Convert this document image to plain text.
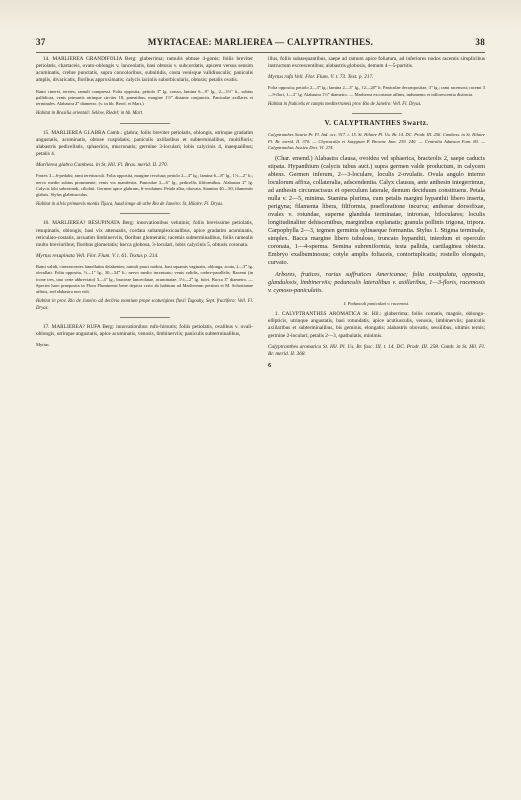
37	MYRTACEAE: MARLIEREA — CALYPTRANTHES.	38

14. MARLIEREA GRANDIFOLIA Berg: glaberrima; ramulis obtuse 4-gonis; foliis breviter petiolatis, chartaceis, ovato-oblongis v. lanceolatis, basi obtusis v. subcordatis, apicem versus sensim acuminatis, crebre punctatis, supra concoloribus, subnitidis, costa venisque validiusculis; paniculis amplis, divaricatis, floribus approximatis; calycis laciniis suborbicularis, obtusis; petalis ovatis.

Rami cinerei, teretes; ramuli compressi. Folia opposita, petiolo 3‴ lg. crasso, lamina 6—9″ lg., 2—3½″ lt., subtus pallidiora, venis primariis utrinque circiter 18, patentibus, margine 1½‴ distante conjunctis. Paniculae axillares et terminales. Alabastra 2‴ diametro. (v. in hb. Berol. et Mart.)

Habitat in Brasilia orientali: Sellow, Riedel; in hb. Mart.

15. MARLIEREA GLABRA Camb.: glabra; foliis breviter petiolatis, oblongis, utrinque gradatim angustatis, acuminatis, obtuse cuspidatis; paniculis axillaribus et subterminalibus, multifloris; alabastris pedicellatis, sphaericis, mucronatis; germine 3-loculari; lobis calycinis 4, inaequalibus; petalis 4.

Marlierea glabra Cambess. in St. Hil. Fl. Bras. merid. II. 270.

Frutex 3—6-pedalis; rami teretiusculi. Folia opposita, margine revoluta; petiolo 2—3‴ lg.; lamina 6—8″ lg., 1½—2″ lt.; nervo medio subtus prominente; venis vix manifestis. Paniculae 3—6″ lg., pedicellis filiformibus. Alabastra 2‴ lg. Calycis lobi subrotundi, ciliolati. Germen apice glabrum, 6-ovulatum. Petala alba, obovata. Stamina 40—50, filamentis glabris. Stylus glabriusculus.

Habitat in silvis primaevis montis Tijuca, haud longe ab urbe Rio de Janeiro: St. Hilaire. Fl. Dryas.

16. MARLIEREA? RESUPINATA Berg: innovationibus velutinis; foliis brevissime petiolatis, resupinatis, oblongis, basi vix attenuatis, cordata subamplexicaulibus, apice gradatim acuminatis, reticulato-costatis, arcuatim limbinerviis, floribus glomeratis; racemis subterminalibus, foliis ramealis multo brevioribus; floribus glomeratis; bacca globosa, 3-loculari, lobis calycinis 5, obtusis coronata.

Myrtus resupinata Vell. Flor. Flum. V. t. 61. Textus p. 214.

Rami validi, cinerascentes lamellatim delabentes; ramuli pauci nodosi, basi squamis vaginatis, oblonga, acuta, 2—3‴ lg. obvallati. Folia opposita, ½—1″ lg., 30—34‴ lt.; nervo medio incrassato; venis validis, crebre-parallelis. Racemi (in icone tres, uno certe abbreviato) 3—4″ lg., bracteae lanceolatae, acuminatae. 1½—2‴ lg. fulvi. Bacca 3‴ diametro. — Species haec praeposita in Flora Fluminensi bene depicta certo ab habitum ad Marlieream pertinet et M. Schottianae affinis, sed alabastra non vidi.

Habitat in prov. Rio de Janeiro ad declivia montium prope scaturigines fluvii Tagoahy, Sept. fructifera: Vell. Fl. Dryas.

17. MARLIEREA? RUFA Berg: innovationibus rufo-hirsutis; foliis petiolatis, ovalibus v. ovali-oblongis, utrinque angustatis, apice acuminatis, venosis, limbinerviis; paniculis subterminalibus,

Myrtac.

illus, foliis subaequantibus, saepe ad ramum apice foliatum, ad inferiores nodos racemis simplicibus instructum excrescentibus; alabastris globosis, demum 4—5-partitis.

Myrtus rufa Vell. Flor. Flum. V. t. 73. Text. p. 217.

Folia opposita; petiolo 2—3‴ lg.; lamina 2—3″ lg., 12—20‴ lt. Paniculae decompositae, 3″ lg.; rami racemosi; racemi 3—9-flori, 1—2″ lg. Alabastra 1½‴ diametro. — Marlierea excoriatae affinis, indumento et inflorescentia distincta.

Habitat in fruticetis et campis mediterraneis prov. Rio de Janeiro: Vell. Fl. Dryas.

V. CALYPTRANTHES Swartz.

Calyptranthes Swartz Pr. Fl. Ind. occ. 917. t. 15. St. Hilaire Pl. Us. Br. 14. DC. Prodr. III. 256. Cambess. in St. Hilaire Fl. Br. merid. II. 370. — Chytraculia et Suzygium P. Browne Jam. 239. 240. — Centralia Adanson Fam. 80. — Calyptranthus Jussieu Dict. VI. 274.

(Char. emend.) Alabastra clausa, ovoidea vel sphaerica, bracteolis 2, saepe caducis stipata. Hypanthium (calycis tubus auct.) supra germen valde productum, in calycem abiens. Germen inferum, 2—3-loculare, loculis 2-ovulatis. Ovula angulo interno loculorum affixa, collateralia, adscendentia. Calyx clausus, ante anthesin integerrimus, ad anthesin circumscissus et operculum laterale, demum deciduum constituens. Petala nulla v. 2—5, minima. Stamina plurima, cum petalis margini hypanthii libero inserta, perigyna; filamenta libera, filiformia, praefloratione incurva; antherae dorsofixae, ovales v. rotundae, superne glandula terminatae, introrsae, biloculares; loculis longitudinaliter dehiscentibus, marginibus explanatis; granula pollinis trigona, tripora. Carpophylla 2—3, tegmen germinis sylinaeque formantia. Stylus 1. Stigma terminale, simplex. Bacca margine libero tubuloso, truncato hypanthii, interdum et operculo coronata, 1—4-sperma. Semina subreniformia, testa pallida, cartilaginea obtecta. Embryo exalbuminosus; cotyle amplis foliaceis, contortuplicatis; rostello elongato, curvato.

Arbores, frutices, rarius suffrutices Americanae; folia exstipulata, opposita, glandulosis, limbinerviis; pedunculis lateralibus v. axillaribus, 1—3-floris, racemosis v. cymoso-paniculatis.

I. Pedunculi paniculati v. racemosi.

1. CALYPTRANTHES AROMATICA St. Hil.: glaberrima; foliis comatis, magnis, oblongo-ellipticis, utrinque angustatis, basi rotundatis, apice acutiusculis, venosis, limbinerviis; paniculis axillaribus et subterminalibus, bis geminis, elongatis; alabastris obovatis, sessilibus, ultimis ternis; germine 2-loculari; petalis 2—3, spathulatis, minimis.

Calyptranthes aromatica St. Hil. Pl. Us. Br. fasc. III. t. 14. DC. Prodr. III. 258. Camb. in St. Hil. Fl. Br. merid. II. 368.

6
